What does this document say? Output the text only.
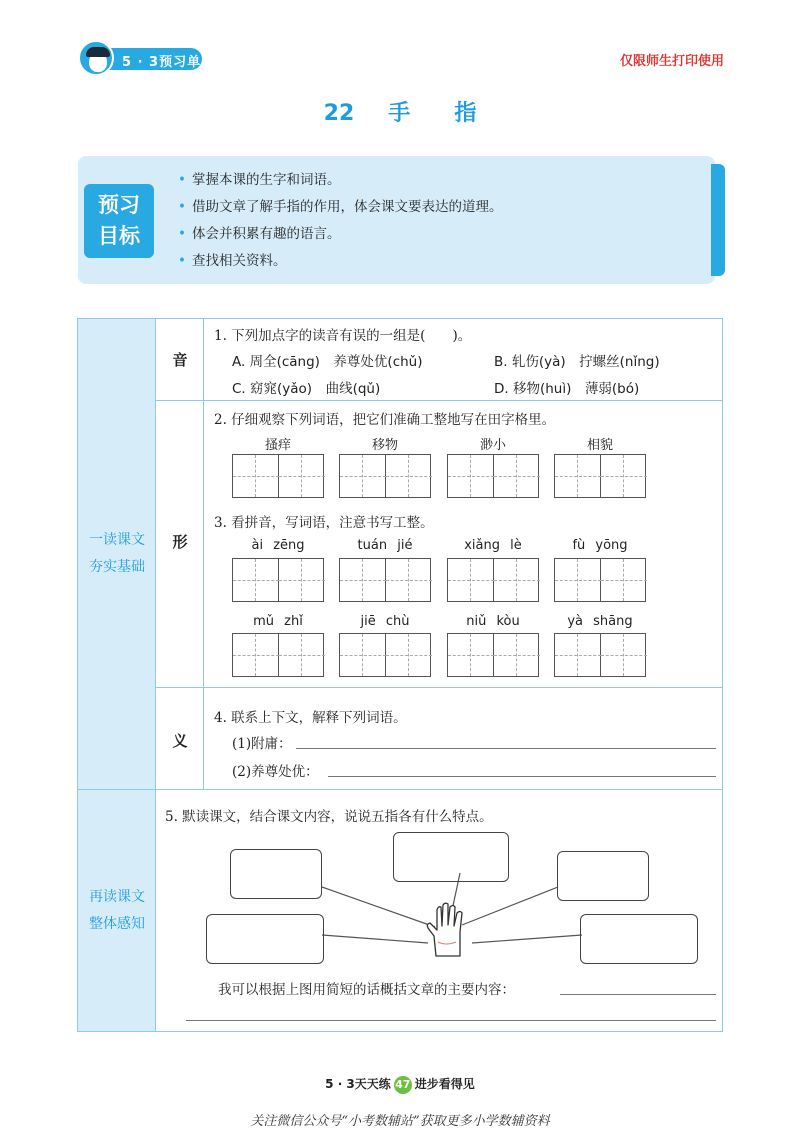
5 · 3预习单	仅限师生打印使用
22 手 指
预习
目标
• 掌握本课的生字和词语。
• 借助文章了解手指的作用，体会课文要表达的道理。
• 体会并积累有趣的语言。
• 查找相关资料。
一读课文
夯实基础
再读课文
整体感知
音
形
义
1. 下列加点字的读音有误的一组是(　　)。
A. 周全(cāng)　养尊处优(chǔ)	B. 轧伤(yà)　拧螺丝(nǐng)
C. 窈窕(yǎo)　曲线(qǔ)	D. 移物(huì)　薄弱(bó)
2. 仔细观察下列词语，把它们准确工整地写在田字格里。
搔痒	移物	渺小	相貌
3. 看拼音，写词语，注意书写工整。
ài zēng	tuán jié	xiǎng lè	fù yōng
mǔ zhǐ	jiē chù	niǔ kòu	yà shāng
4. 联系上下文，解释下列词语。
(1)附庸：
(2)养尊处优：
5. 默读课文，结合课文内容，说说五指各有什么特点。
我可以根据上图用简短的话概括文章的主要内容：
5 · 3天天练 47 进步看得见
关注微信公众号“小考数辅站”获取更多小学数辅资料
